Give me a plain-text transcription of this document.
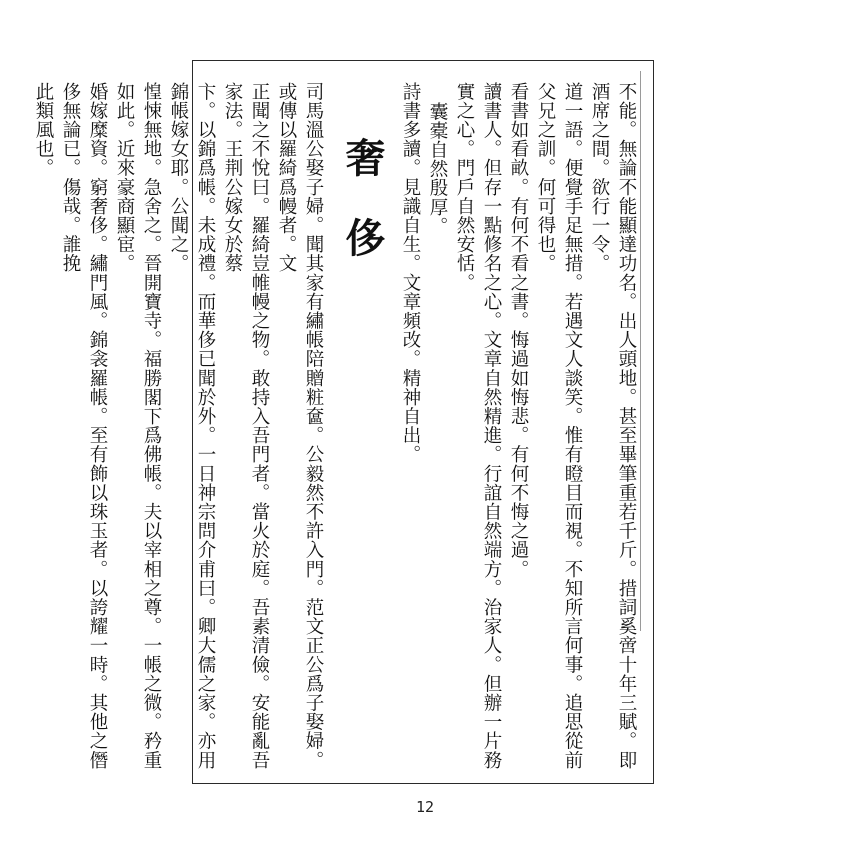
不能。無論不能顯達功名。出人頭地。甚至畢筆重若千斤。措詞奚啻十年三賦。即酒席之間。欲行一令。
道一語。便覺手足無措。若遇文人談笑。惟有瞪目而視。不知所言何事。追思從前父兄之訓。何可得也。
看書如看畝。有何不看之書。悔過如悔悲。有何不悔之過。
讀書人。但存一點修名之心。文章自然精進。行誼自然端方。治家人。但辦一片務實之心。門戶自然安恬。
囊橐自然殷厚。
詩書多讀。見識自生。文章頻改。精神自出。
奢侈
司馬溫公娶子婦。聞其家有繡帳陪贈粧奩。公毅然不許入門。范文正公爲子娶婦。或傳以羅綺爲幔者。文
正聞之不悅曰。羅綺豈帷幔之物。敢持入吾門者。當火於庭。吾素清儉。安能亂吾家法。王荆公嫁女於蔡
卞。以錦爲帳。未成禮。而華侈已聞於外。一日神宗問介甫曰。卿大儒之家。亦用錦帳嫁女耶。公聞之。
惶悚無地。急舍之。晉開寶寺。福勝閣下爲佛帳。夫以宰相之尊。一帳之微。矜重如此。近來豪商顯宦。
婚嫁糜資。窮奢侈。繡門風。錦衾羅帳。至有飾以珠玉者。以誇耀一時。其他之僭侈無論已。傷哉。誰挽
此類風也。
12
